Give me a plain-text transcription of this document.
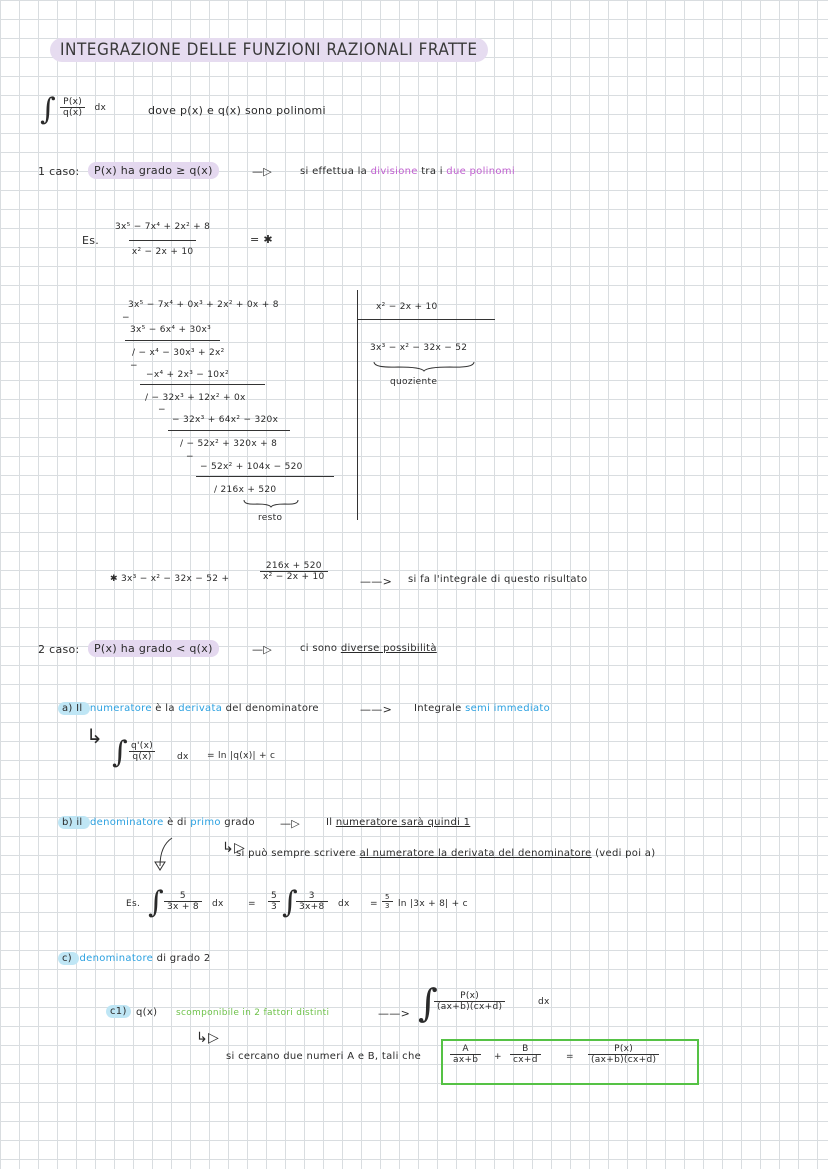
INTEGRAZIONE DELLE FUNZIONI RAZIONALI FRATTE
∫ $\frac{P(x)}{q(x)}$ dx	dove p(x) e q(x) sono polinomi
1 caso:	P(x) ha grado ≥ q(x)	—▷	si effettua la divisione tra i due polinomi
Es. $\frac{\text{3x⁵ − 7x⁴ + 2x² + 8}}{\text{x² − 2x + 10}}$	= ✱
3x⁵ − 7x⁴ + 0x³ + 2x² + 0x + 8
−
3x⁵ − 6x⁴ + 30x³
/ − x⁴ − 30x³ + 2x²
−
−x⁴ + 2x³ − 10x²
/ − 32x³ + 12x² + 0x
−
− 32x³ + 64x² − 320x
/ − 52x² + 320x + 8
−
− 52x² + 104x − 520
/ 216x + 520
resto
x² − 2x + 10
3x³ − x² − 32x − 52
quoziente
✱ 3x³ − x² − 32x − 52 +	$\frac{216x + 520}{\text{x² − 2x + 10}}$	——> si fa l'integrale di questo risultato
2 caso:	P(x) ha grado < q(x)	—▷	ci sono diverse possibilità
a) Il numeratore è la derivata del denominatore	——> Integrale semi immediato
↳ ∫ $\frac{q'(x)}{q(x)}$ dx = ln |q(x)| + c
b) il denominatore è di primo grado —▷	Il numeratore sarà quindi 1
↳▷
si può sempre scrivere al numeratore la derivata del denominatore (vedi poi a)
Es. ∫ $\frac{5}{3x + 8}$ dx	= $\frac{5}{3}$ ∫
$\frac{3}{3x+8}$ dx = $\frac{5}{3}$ ln |3x + 8| + c
c) denominatore di grado 2
c1) q(x) scomponibile in 2 fattori distinti	——> ∫
$\frac{P(x)}{(ax+b)(cx+d)}$	dx
↳▷
si cercano due numeri A e B, tali che	$\frac{A}{ax+b} + \frac{B}{cx+d}$	= $\frac{P(x)}{(ax+b)(cx+d)}$
